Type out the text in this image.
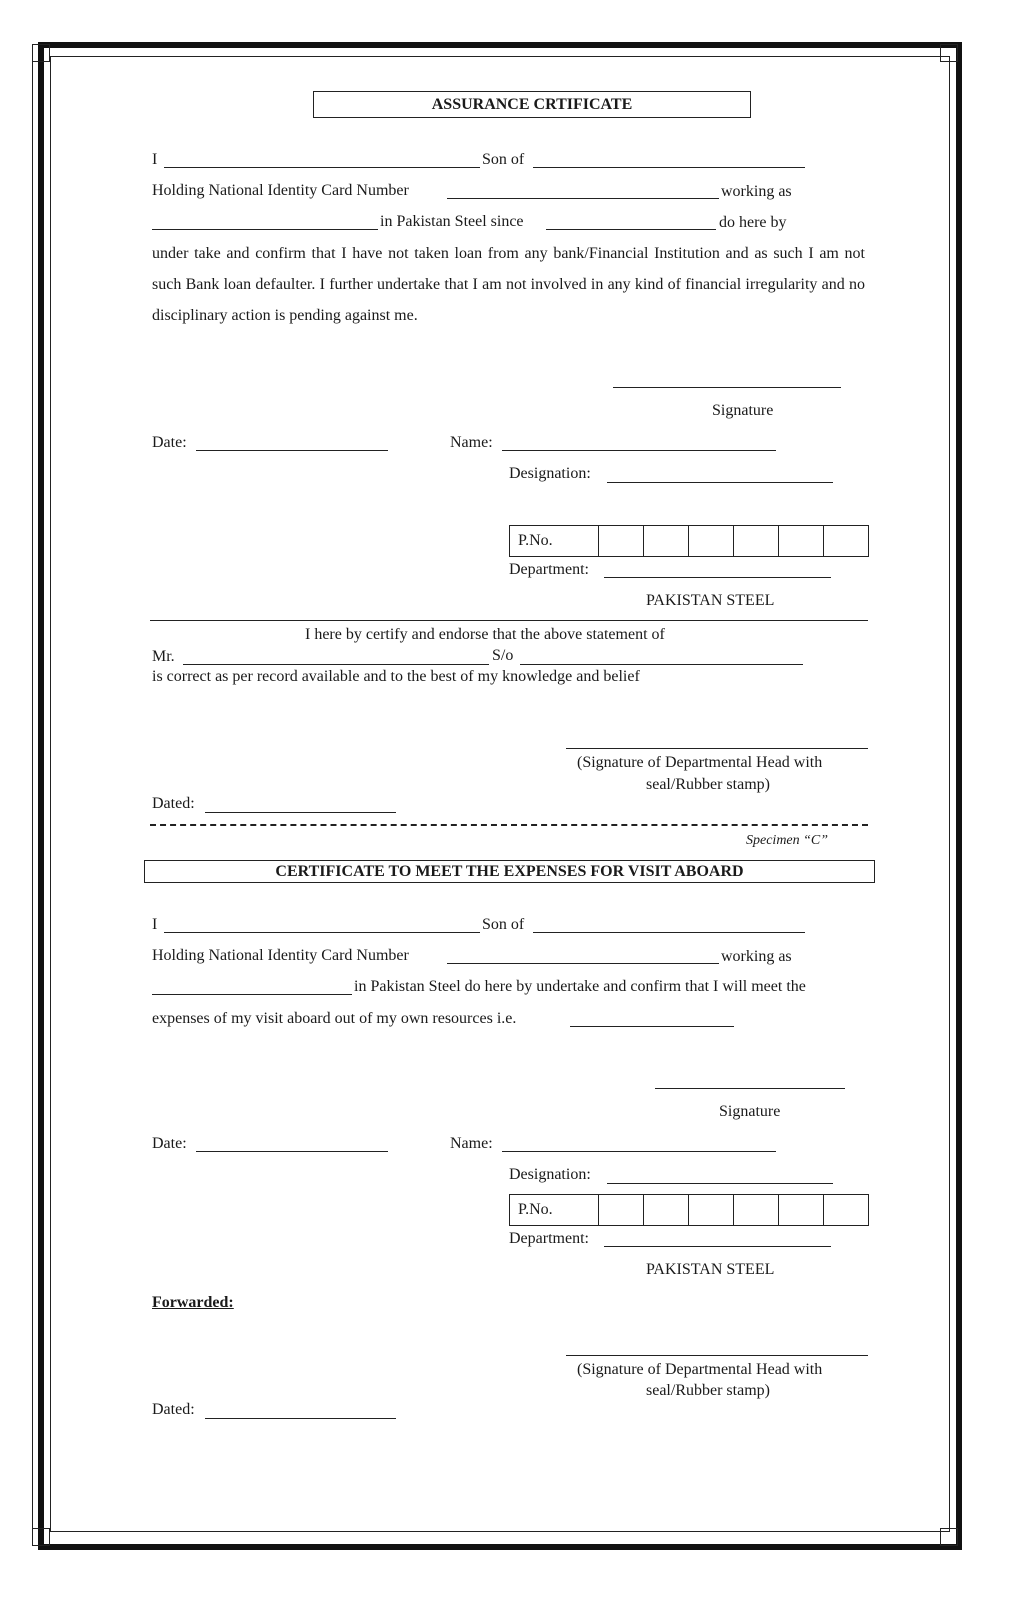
ASSURANCE CRTIFICATE
I	Son of
Holding National Identity Card Number	working as
in Pakistan Steel since	do here by
under take and confirm that I have not taken loan from any bank/Financial Institution and as such I am not such Bank loan defaulter. I further undertake that I am not involved in any kind of financial irregularity and no disciplinary action is pending against me.
Signature
Date:	Name:
Designation:
P.No.						
Department:
PAKISTAN STEEL
I here by certify and endorse that the above statement of
Mr.	S/o
is correct as per record available and to the best of my knowledge and belief
(Signature of Departmental Head with
seal/Rubber stamp)
Dated:
Specimen “C”
CERTIFICATE TO MEET THE EXPENSES FOR VISIT ABOARD
I	Son of
Holding National Identity Card Number	working as
in Pakistan Steel do here by undertake and confirm that I will meet the
expenses of my visit aboard out of my own resources i.e.
Signature
Date:	Name:
Designation:
P.No.						
Department:
PAKISTAN STEEL
Forwarded:
(Signature of Departmental Head with
seal/Rubber stamp)
Dated:
